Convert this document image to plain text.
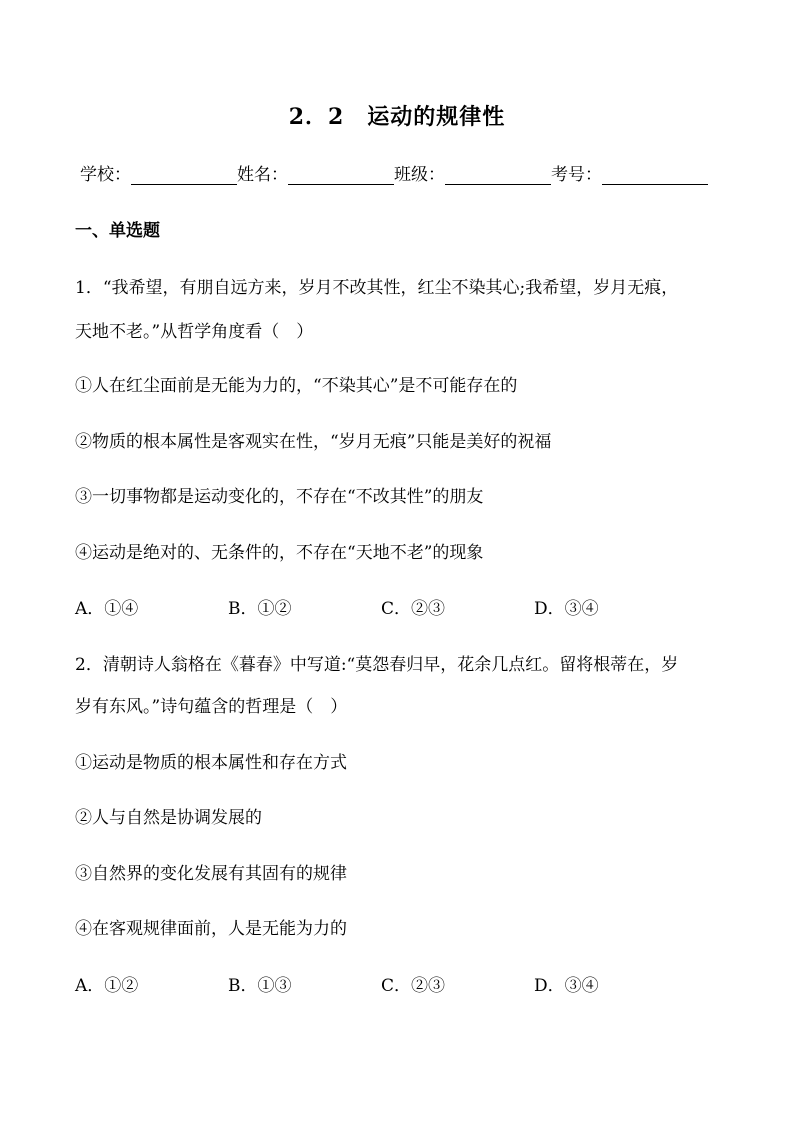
2．2　运动的规律性
学校：	姓名：	班级：	考号：
一、单选题
1．“我希望，有朋自远方来，岁月不改其性，红尘不染其心;我希望，岁月无痕，
天地不老。”从哲学角度看（　）
①人在红尘面前是无能为力的，“不染其心”是不可能存在的
②物质的根本属性是客观实在性，“岁月无痕”只能是美好的祝福
③一切事物都是运动变化的，不存在“不改其性”的朋友
④运动是绝对的、无条件的，不存在“天地不老”的现象
A．①④	B．①②	C．②③	D．③④
2．清朝诗人翁格在《暮春》中写道:“莫怨春归早，花余几点红。留将根蒂在，岁
岁有东风。”诗句蕴含的哲理是（　）
①运动是物质的根本属性和存在方式
②人与自然是协调发展的
③自然界的变化发展有其固有的规律
④在客观规律面前，人是无能为力的
A．①②	B．①③	C．②③	D．③④
